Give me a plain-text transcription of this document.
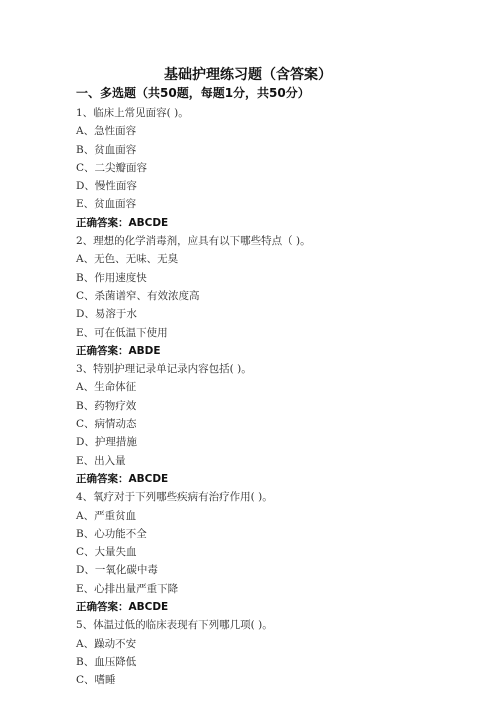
基础护理练习题（含答案）
一、多选题（共50题，每题1分，共50分）
1、临床上常见面容( )。
A、急性面容
B、贫血面容
C、二尖瓣面容
D、慢性面容
E、贫血面容
正确答案：ABCDE
2、理想的化学消毒剂，应具有以下哪些特点（ )。
A、无色、无味、无臭
B、作用速度快
C、杀菌谱窄、有效浓度高
D、易溶于水
E、可在低温下使用
正确答案：ABDE
3、特别护理记录单记录内容包括( )。
A、生命体征
B、药物疗效
C、病情动态
D、护理措施
E、出入量
正确答案：ABCDE
4、氧疗对于下列哪些疾病有治疗作用( )。
A、严重贫血
B、心功能不全
C、大量失血
D、一氧化碳中毒
E、心排出量严重下降
正确答案：ABCDE
5、体温过低的临床表现有下列哪几项( )。
A、躁动不安
B、血压降低
C、嗜睡
